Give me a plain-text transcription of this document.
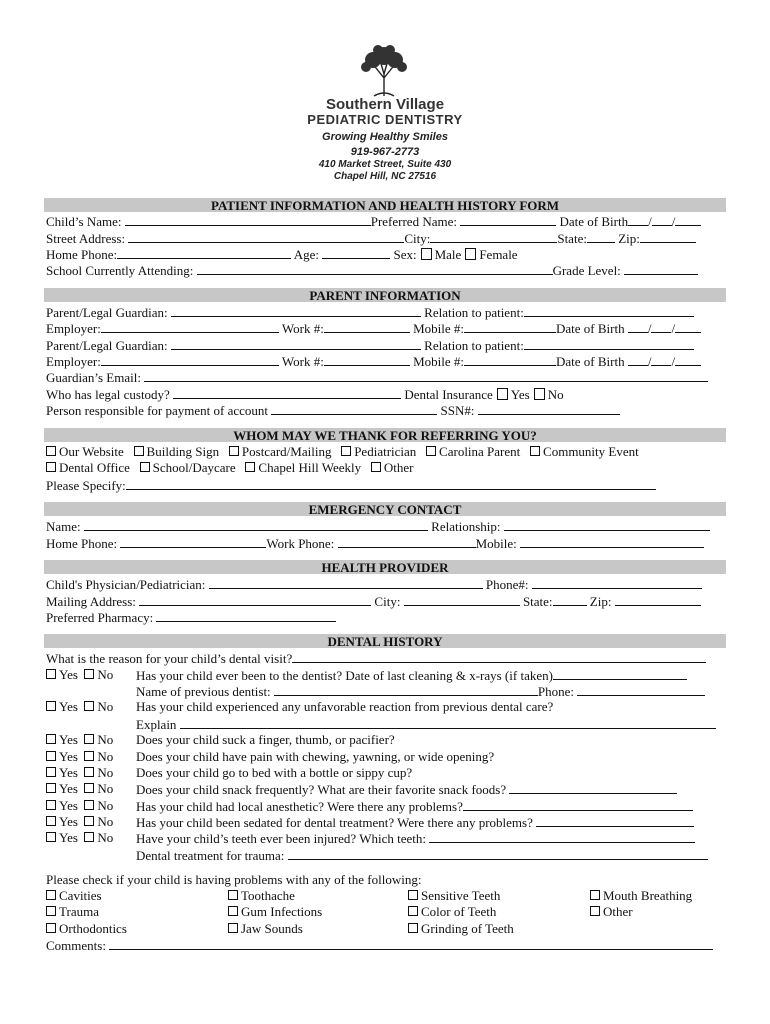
Southern Village
PEDIATRIC DENTISTRY
Growing Healthy Smiles
919-967-2773
410 Market Street, Suite 430
Chapel Hill, NC 27516
PATIENT INFORMATION AND HEALTH HISTORY FORM
Child’s Name:	Preferred Name:	Date of Birth / /
Street Address:	City:	State: Zip:
Home Phone:	Age:	Sex: Male Female
School Currently Attending:	Grade Level:
PARENT INFORMATION
Parent/Legal Guardian:	Relation to patient:
Employer:	Work #:	Mobile #:	Date of Birth / /
Parent/Legal Guardian:	Relation to patient:
Employer:	Work #:	Mobile #:	Date of Birth / /
Guardian’s Email:
Who has legal custody?	Dental Insurance Yes No
Person responsible for payment of account	SSN#:
WHOM MAY WE THANK FOR REFERRING YOU?
Our Website Building Sign Postcard/Mailing Pediatrician Carolina Parent Community Event
Dental Office School/Daycare Chapel Hill Weekly Other
Please Specify:
EMERGENCY CONTACT
Name:	Relationship:
Home Phone:	Work Phone:	Mobile:
HEALTH PROVIDER
Child's Physician/Pediatrician:	Phone#:
Mailing Address:	City:	State:	Zip:
Preferred Pharmacy:
DENTAL HISTORY
What is the reason for your child’s dental visit?
Yes No Has your child ever been to the dentist? Date of last cleaning & x-rays (if taken)
Name of previous dentist:	Phone:
Yes No Has your child experienced any unfavorable reaction from previous dental care?
Explain
Yes No Does your child suck a finger, thumb, or pacifier?
Yes No Does your child have pain with chewing, yawning, or wide opening?
Yes No Does your child go to bed with a bottle or sippy cup?
Yes No Does your child snack frequently? What are their favorite snack foods?
Yes No Has your child had local anesthetic? Were there any problems?
Yes No Has your child been sedated for dental treatment? Were there any problems?
Yes No Have your child’s teeth ever been injured? Which teeth:
Dental treatment for trauma:
Please check if your child is having problems with any of the following:
Cavities	Toothache	Sensitive Teeth	Mouth Breathing
Trauma	Gum Infections	Color of Teeth	Other
Orthodontics	Jaw Sounds	Grinding of Teeth
Comments:
